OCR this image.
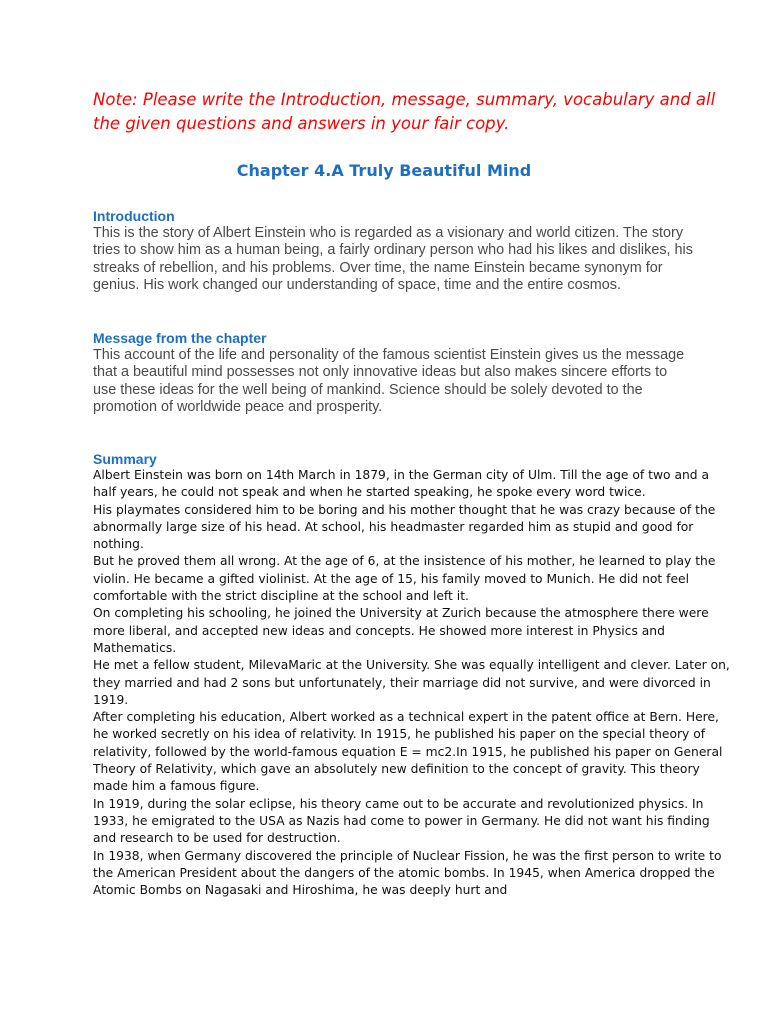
Note: Please write the Introduction, message, summary, vocabulary and all the given questions and answers in your fair copy.
Chapter 4.A Truly Beautiful Mind
Introduction
This is the story of Albert Einstein who is regarded as a visionary and world citizen. The story tries to show him as a human being, a fairly ordinary person who had his likes and dislikes, his streaks of rebellion, and his problems. Over time, the name Einstein became synonym for genius. His work changed our understanding of space, time and the entire cosmos.
Message from the chapter
This account of the life and personality of the famous scientist Einstein gives us the message that a beautiful mind possesses not only innovative ideas but also makes sincere efforts to use these ideas for the well being of mankind. Science should be solely devoted to the promotion of worldwide peace and prosperity.
Summary

Albert Einstein was born on 14th March in 1879, in the German city of Ulm. Till the age of two and a half years, he could not speak and when he started speaking, he spoke every word twice.

His playmates considered him to be boring and his mother thought that he was crazy because of the abnormally large size of his head. At school, his headmaster regarded him as stupid and good for nothing.

But he proved them all wrong. At the age of 6, at the insistence of his mother, he learned to play the violin. He became a gifted violinist. At the age of 15, his family moved to Munich. He did not feel comfortable with the strict discipline at the school and left it.

On completing his schooling, he joined the University at Zurich because the atmosphere there were more liberal, and accepted new ideas and concepts. He showed more interest in Physics and Mathematics.

He met a fellow student, MilevaMaric at the University. She was equally intelligent and clever. Later on, they married and had 2 sons but unfortunately, their marriage did not survive, and were divorced in 1919.

After completing his education, Albert worked as a technical expert in the patent office at Bern. Here, he worked secretly on his idea of relativity. In 1915, he published his paper on the special theory of relativity, followed by the world-famous equation E = mc2.In 1915, he published his paper on General Theory of Relativity, which gave an absolutely new definition to the concept of gravity. This theory made him a famous figure.

In 1919, during the solar eclipse, his theory came out to be accurate and revolutionized physics. In 1933, he emigrated to the USA as Nazis had come to power in Germany. He did not want his finding and research to be used for destruction.

In 1938, when Germany discovered the principle of Nuclear Fission, he was the first person to write to the American President about the dangers of the atomic bombs. In 1945, when America dropped the Atomic Bombs on Nagasaki and Hiroshima, he was deeply hurt and
